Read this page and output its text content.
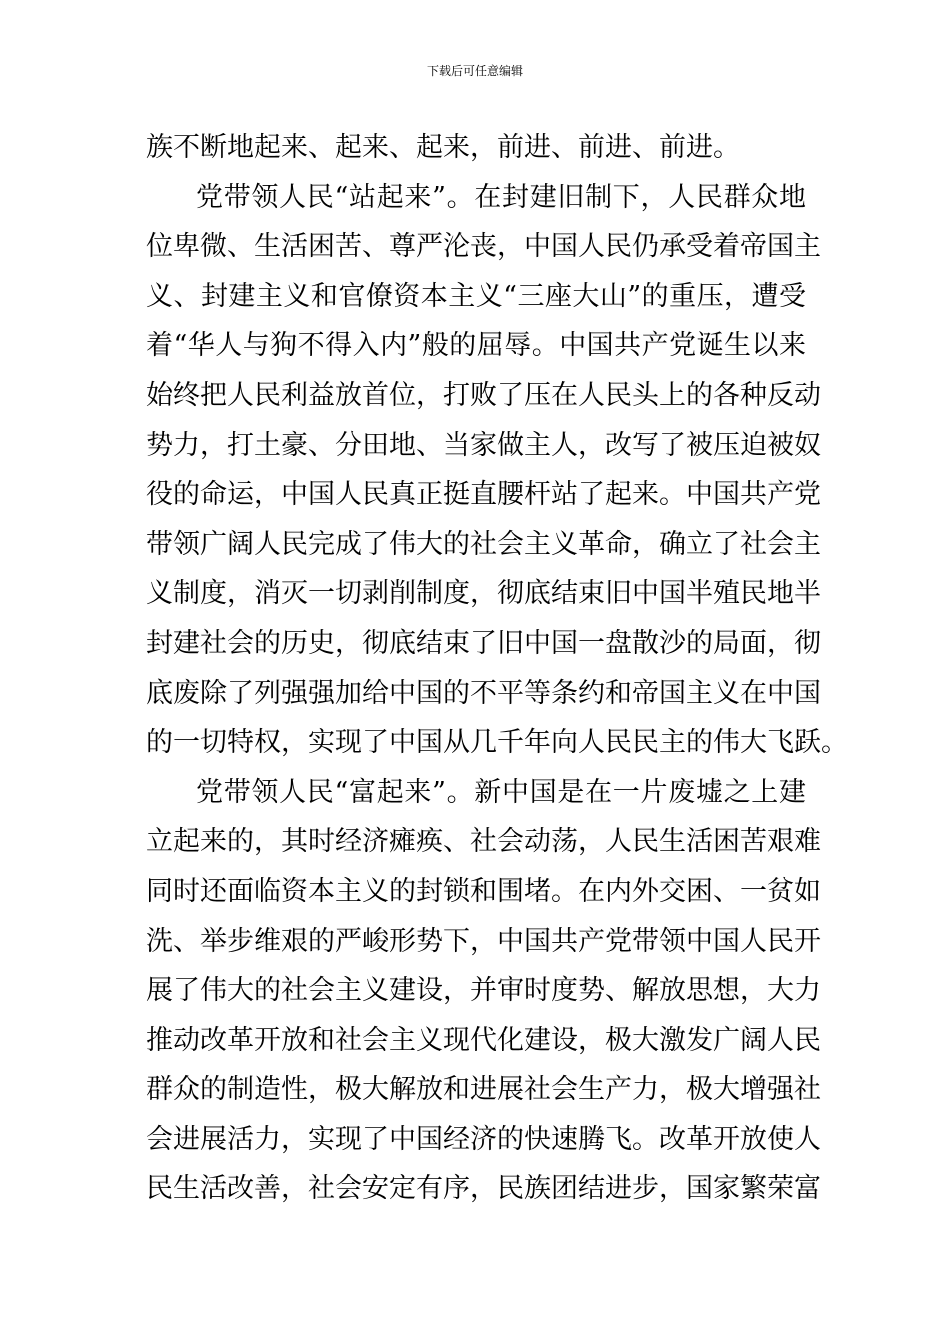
下载后可任意编辑
族不断地起来、起来、起来，前进、前进、前进。
党带领人民“站起来”。在封建旧制下，人民群众地
位卑微、生活困苦、尊严沦丧，中国人民仍承受着帝国主
义、封建主义和官僚资本主义“三座大山”的重压，遭受
着“华人与狗不得入内”般的屈辱。中国共产党诞生以来
始终把人民利益放首位，打败了压在人民头上的各种反动
势力，打土豪、分田地、当家做主人，改写了被压迫被奴
役的命运，中国人民真正挺直腰杆站了起来。中国共产党
带领广阔人民完成了伟大的社会主义革命，确立了社会主
义制度，消灭一切剥削制度，彻底结束旧中国半殖民地半
封建社会的历史，彻底结束了旧中国一盘散沙的局面，彻
底废除了列强强加给中国的不平等条约和帝国主义在中国
的一切特权，实现了中国从几千年向人民民主的伟大飞跃。
党带领人民“富起来”。新中国是在一片废墟之上建
立起来的，其时经济瘫痪、社会动荡，人民生活困苦艰难
同时还面临资本主义的封锁和围堵。在内外交困、一贫如
洗、举步维艰的严峻形势下，中国共产党带领中国人民开
展了伟大的社会主义建设，并审时度势、解放思想，大力
推动改革开放和社会主义现代化建设，极大激发广阔人民
群众的制造性，极大解放和进展社会生产力，极大增强社
会进展活力，实现了中国经济的快速腾飞。改革开放使人
民生活改善，社会安定有序，民族团结进步，国家繁荣富
